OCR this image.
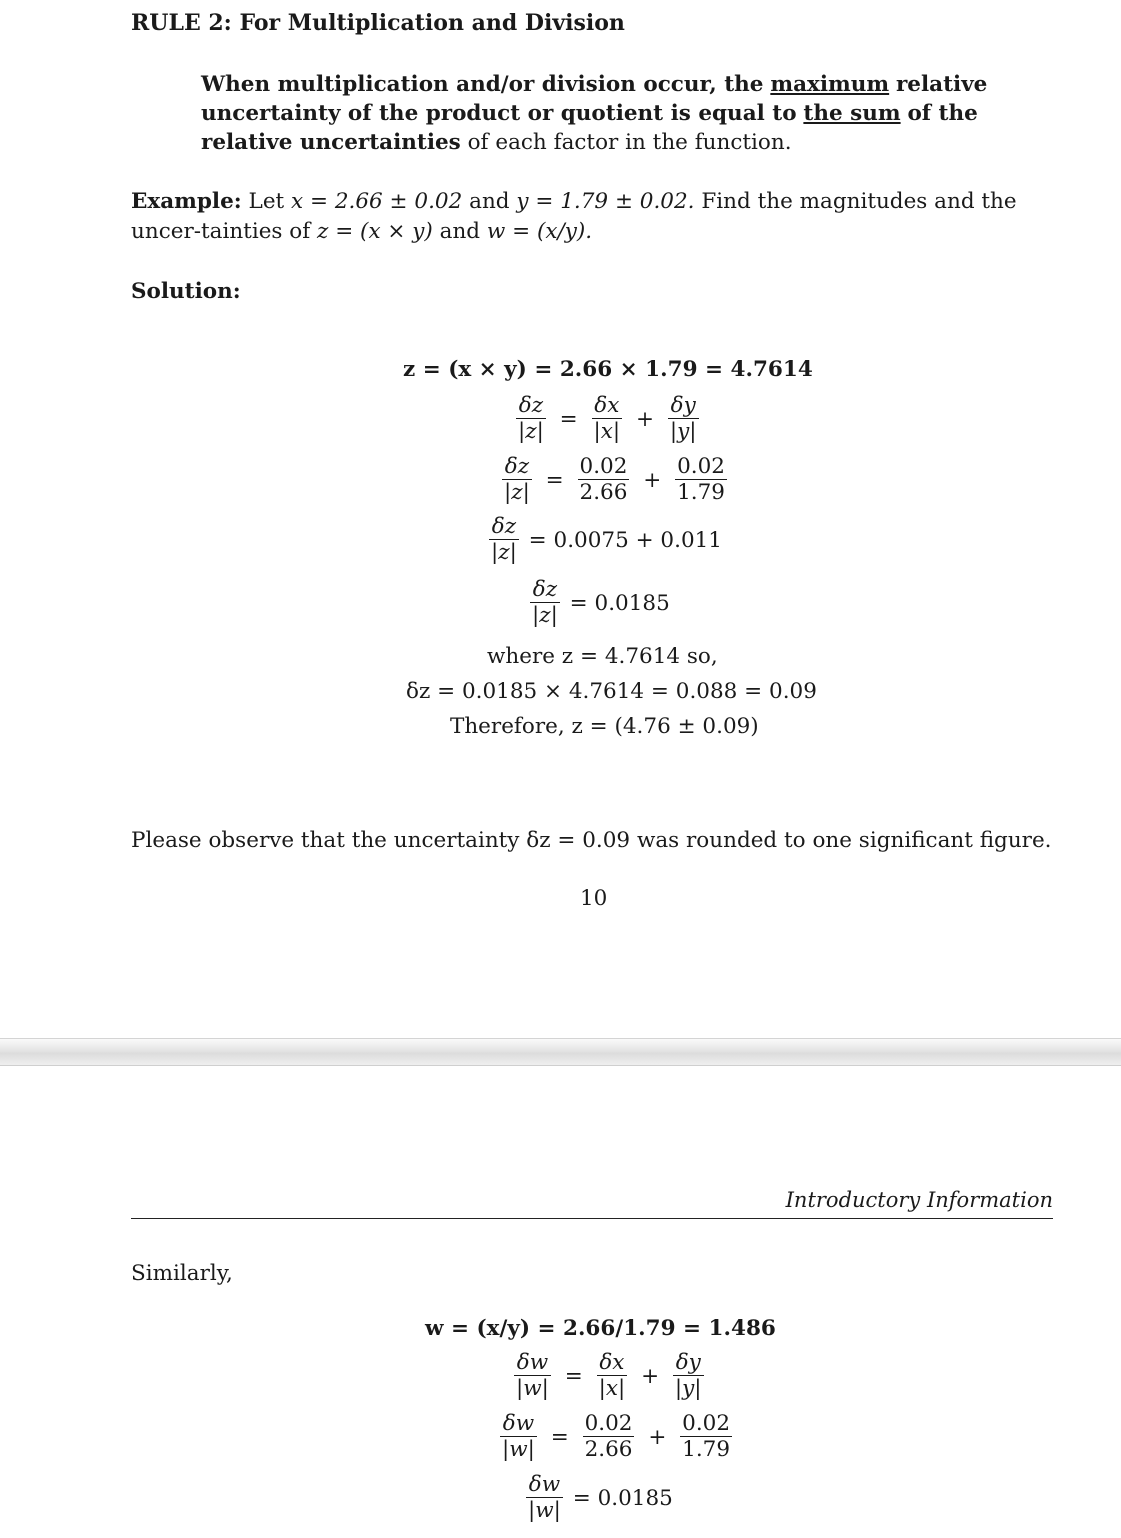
RULE 2: For Multiplication and Division
When multiplication and/or division occur, the maximum relative uncertainty of the product or quotient is equal to the sum of the relative uncertainties of each factor in the function.
Example: Let x = 2.66 ± 0.02 and y = 1.79 ± 0.02. Find the magnitudes and the uncer-tainties of z = (x × y) and w = (x/y).
Solution:
z = (x × y) = 2.66 × 1.79 = 4.7614
$\frac{\delta z}{|z|} = \frac{\delta x}{|x|} + \frac{\delta y}{|y|}$
$\frac{\delta z}{|z|} = \frac{0.02}{2.66} + \frac{0.02}{1.79}$
$\frac{\delta z}{|z|} = 0.0075 + 0.011$
$\frac{\delta z}{|z|} = 0.0185$
where z = 4.7614 so,
δz = 0.0185 × 4.7614 = 0.088 = 0.09
Therefore, z = (4.76 ± 0.09)
Please observe that the uncertainty δz = 0.09 was rounded to one significant figure.
10
Introductory Information
Similarly,
w = (x/y) = 2.66/1.79 = 1.486
$\frac{\delta w}{|w|} = \frac{\delta x}{|x|} + \frac{\delta y}{|y|}$
$\frac{\delta w}{|w|} = \frac{0.02}{2.66} + \frac{0.02}{1.79}$
$\frac{\delta w}{|w|} = 0.0185$
